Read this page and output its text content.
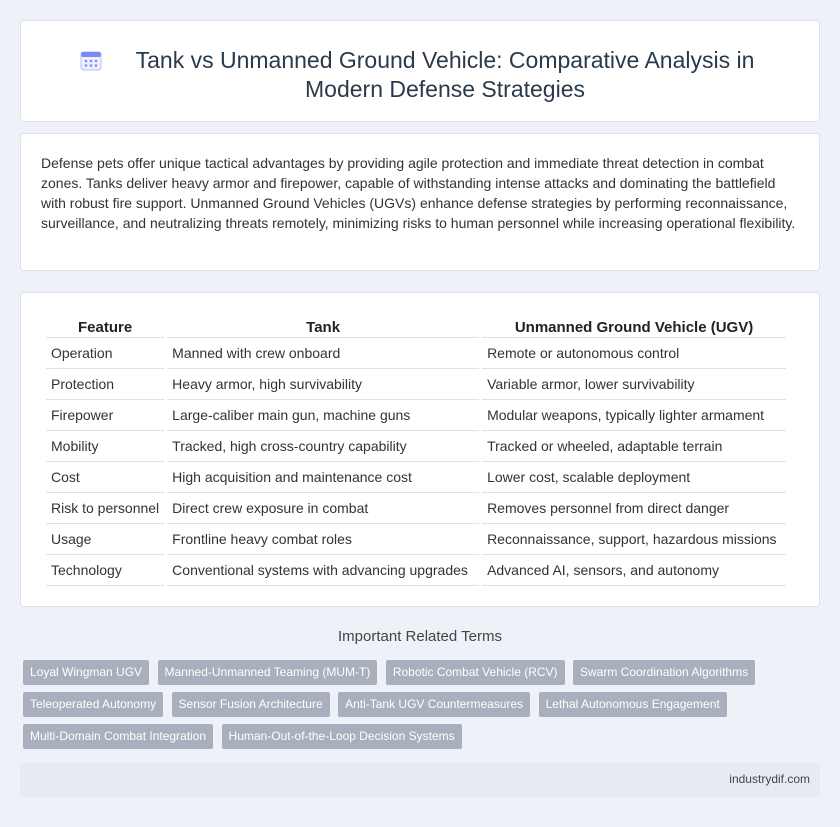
Tank vs Unmanned Ground Vehicle: Comparative Analysis in Modern Defense Strategies

Defense pets offer unique tactical advantages by providing agile protection and immediate threat detection in combat zones. Tanks deliver heavy armor and firepower, capable of withstanding intense attacks and dominating the battlefield with robust fire support. Unmanned Ground Vehicles (UGVs) enhance defense strategies by performing reconnaissance, surveillance, and neutralizing threats remotely, minimizing risks to human personnel while increasing operational flexibility.

Feature	Tank	Unmanned Ground Vehicle (UGV)
Operation	Manned with crew onboard	Remote or autonomous control
Protection	Heavy armor, high survivability	Variable armor, lower survivability
Firepower	Large-caliber main gun, machine guns	Modular weapons, typically lighter armament
Mobility	Tracked, high cross-country capability	Tracked or wheeled, adaptable terrain
Cost	High acquisition and maintenance cost	Lower cost, scalable deployment
Risk to personnel	Direct crew exposure in combat	Removes personnel from direct danger
Usage	Frontline heavy combat roles	Reconnaissance, support, hazardous missions
Technology	Conventional systems with advancing upgrades	Advanced AI, sensors, and autonomy
Important Related Terms
Loyal Wingman UGV Manned-Unmanned Teaming (MUM-T) Robotic Combat Vehicle (RCV) Swarm Coordination Algorithms Teleoperated Autonomy Sensor Fusion Architecture Anti-Tank UGV Countermeasures Lethal Autonomous Engagement Multi-Domain Combat Integration Human-Out-of-the-Loop Decision Systems
industrydif.com
